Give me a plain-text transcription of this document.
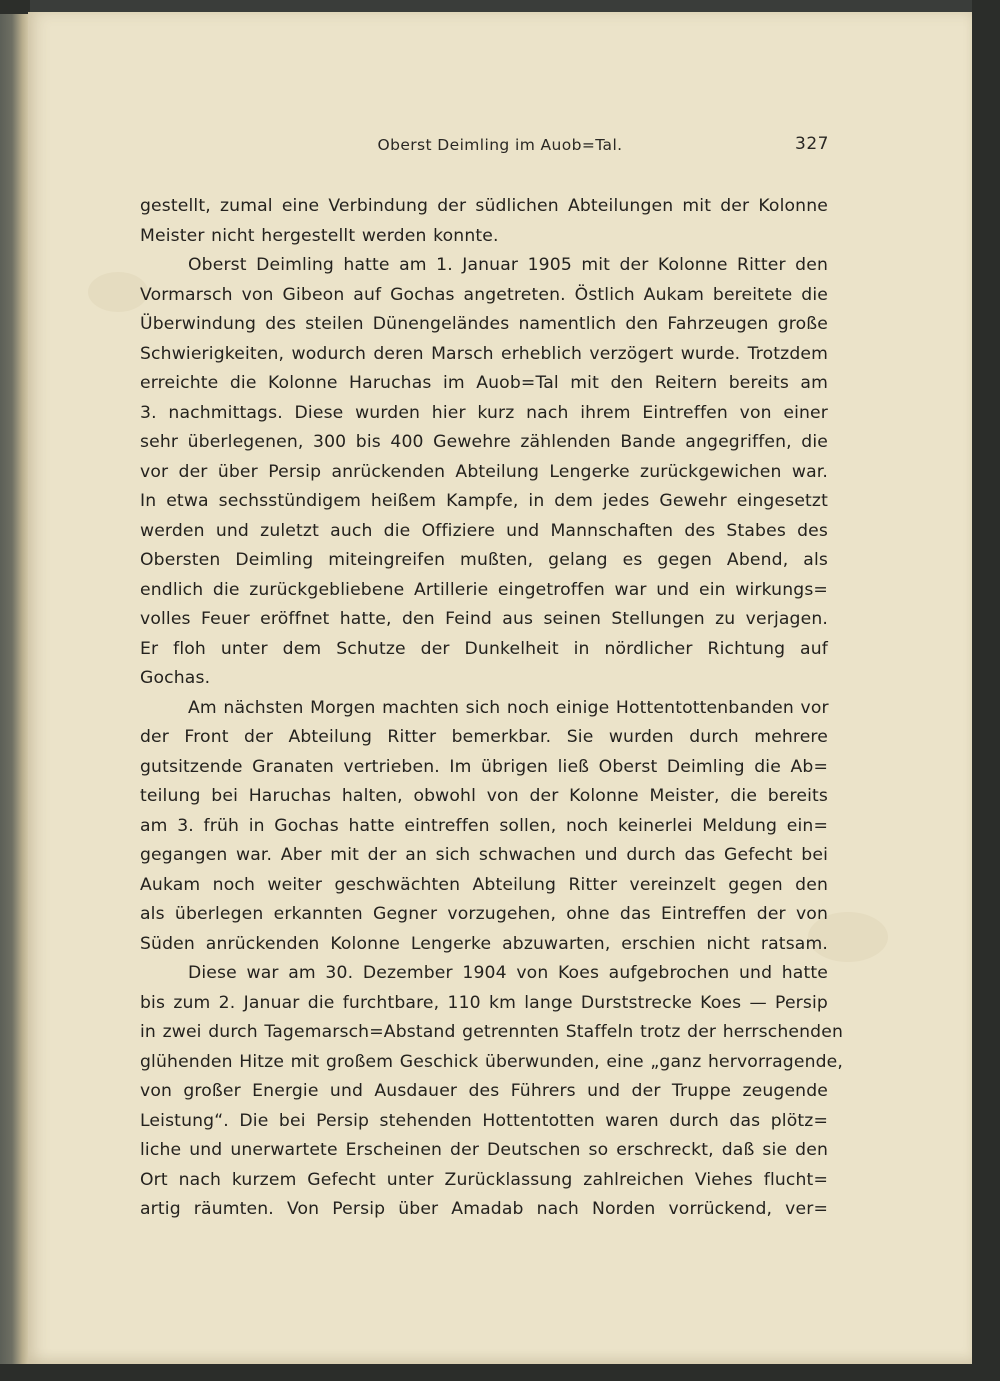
Oberst Deimling im Auob=Tal.	327
gestellt, zumal eine Verbindung der südlichen Abteilungen mit der Kolonne
Meister nicht hergestellt werden konnte.
Oberst Deimling hatte am 1. Januar 1905 mit der Kolonne Ritter den
Vormarsch von Gibeon auf Gochas angetreten. Östlich Aukam bereitete die
Überwindung des steilen Dünengeländes namentlich den Fahrzeugen große
Schwierigkeiten, wodurch deren Marsch erheblich verzögert wurde. Trotzdem
erreichte die Kolonne Haruchas im Auob=Tal mit den Reitern bereits am
3. nachmittags. Diese wurden hier kurz nach ihrem Eintreffen von einer
sehr überlegenen, 300 bis 400 Gewehre zählenden Bande angegriffen, die
vor der über Persip anrückenden Abteilung Lengerke zurückgewichen war.
In etwa sechsstündigem heißem Kampfe, in dem jedes Gewehr eingesetzt
werden und zuletzt auch die Offiziere und Mannschaften des Stabes des
Obersten Deimling miteingreifen mußten, gelang es gegen Abend, als
endlich die zurückgebliebene Artillerie eingetroffen war und ein wirkungs=
volles Feuer eröffnet hatte, den Feind aus seinen Stellungen zu verjagen.
Er floh unter dem Schutze der Dunkelheit in nördlicher Richtung auf
Gochas.
Am nächsten Morgen machten sich noch einige Hottentottenbanden vor
der Front der Abteilung Ritter bemerkbar. Sie wurden durch mehrere
gutsitzende Granaten vertrieben. Im übrigen ließ Oberst Deimling die Ab=
teilung bei Haruchas halten, obwohl von der Kolonne Meister, die bereits
am 3. früh in Gochas hatte eintreffen sollen, noch keinerlei Meldung ein=
gegangen war. Aber mit der an sich schwachen und durch das Gefecht bei
Aukam noch weiter geschwächten Abteilung Ritter vereinzelt gegen den
als überlegen erkannten Gegner vorzugehen, ohne das Eintreffen der von
Süden anrückenden Kolonne Lengerke abzuwarten, erschien nicht ratsam.
Diese war am 30. Dezember 1904 von Koes aufgebrochen und hatte
bis zum 2. Januar die furchtbare, 110 km lange Durststrecke Koes — Persip
in zwei durch Tagemarsch=Abstand getrennten Staffeln trotz der herrschenden
glühenden Hitze mit großem Geschick überwunden, eine „ganz hervorragende,
von großer Energie und Ausdauer des Führers und der Truppe zeugende
Leistung“. Die bei Persip stehenden Hottentotten waren durch das plötz=
liche und unerwartete Erscheinen der Deutschen so erschreckt, daß sie den
Ort nach kurzem Gefecht unter Zurücklassung zahlreichen Viehes flucht=
artig räumten. Von Persip über Amadab nach Norden vorrückend, ver=
